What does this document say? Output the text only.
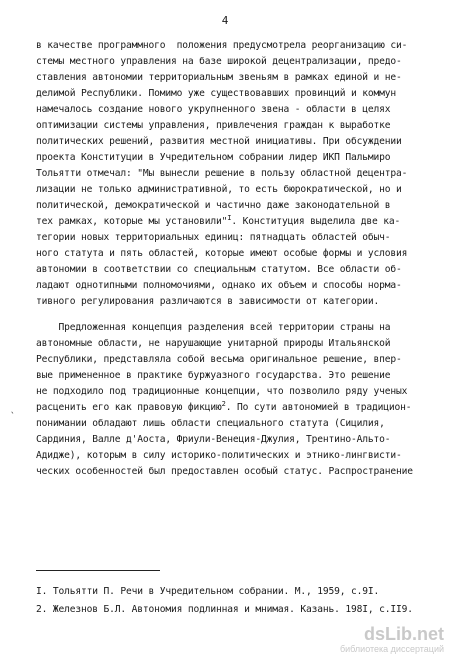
4
в качестве программного  положения предусмотрела реорганизацию си-
стемы местного управления на базе широкой децентрализации, предо-
ставления автономии территориальным звеньям в рамках единой и не-
делимой Республики. Помимо уже существовавших провинций и коммун
намечалось создание нового укрупненного звена - области в целях
оптимизации системы управления, привлечения граждан к выработке
политических решений, развития местной инициативы. При обсуждении
проекта Конституции в Учредительном собрании лидер ИКП Пальмиро
Тольятти отмечал: "Мы вынесли решение в пользу областной децентра-
лизации не только административной, то есть бюрократической, но и
политической, демократической и частично даже законодательной в
тех рамках, которые мы установили"$^I$. Конституция выделила две ка-
тегории новых территориальных единиц: пятнадцать областей обыч-
ного статута и пять областей, которые имеют особые формы и условия
автономии в соответствии со специальным статутом. Все области об-
ладают однотипными полномочиями, однако их объем и способы норма-
тивного регулирования различаются в зависимости от категории.
Предложенная концепция разделения всей территории страны на
автономные области, не нарушающие унитарной природы Итальянской
Республики, представляла собой весьма оригинальное решение, впер-
вые примененное в практике буржуазного государства. Это решение
не подходило под традиционные концепции, что позволило ряду ученых
расценить его как правовую фикцию$^2$. По сути автономией в традицион-
понимании обладают лишь области специального статута (Сицилия,
Сардиния, Валле д'Аоста, Фриули-Венеция-Джулия, Трентино-Альто-
Адидже), которым в силу историко-политических и этнико-лингвисти-
ческих особенностей был предоставлен особый статус. Распространение
`
I. Тольятти П. Речи в Учредительном собрании. М., 1959, с.9I.
2. Железнов Б.Л. Автономия подлинная и мнимая. Казань. 198I, с.II9.
dsLib.net
библиотека диссертаций
